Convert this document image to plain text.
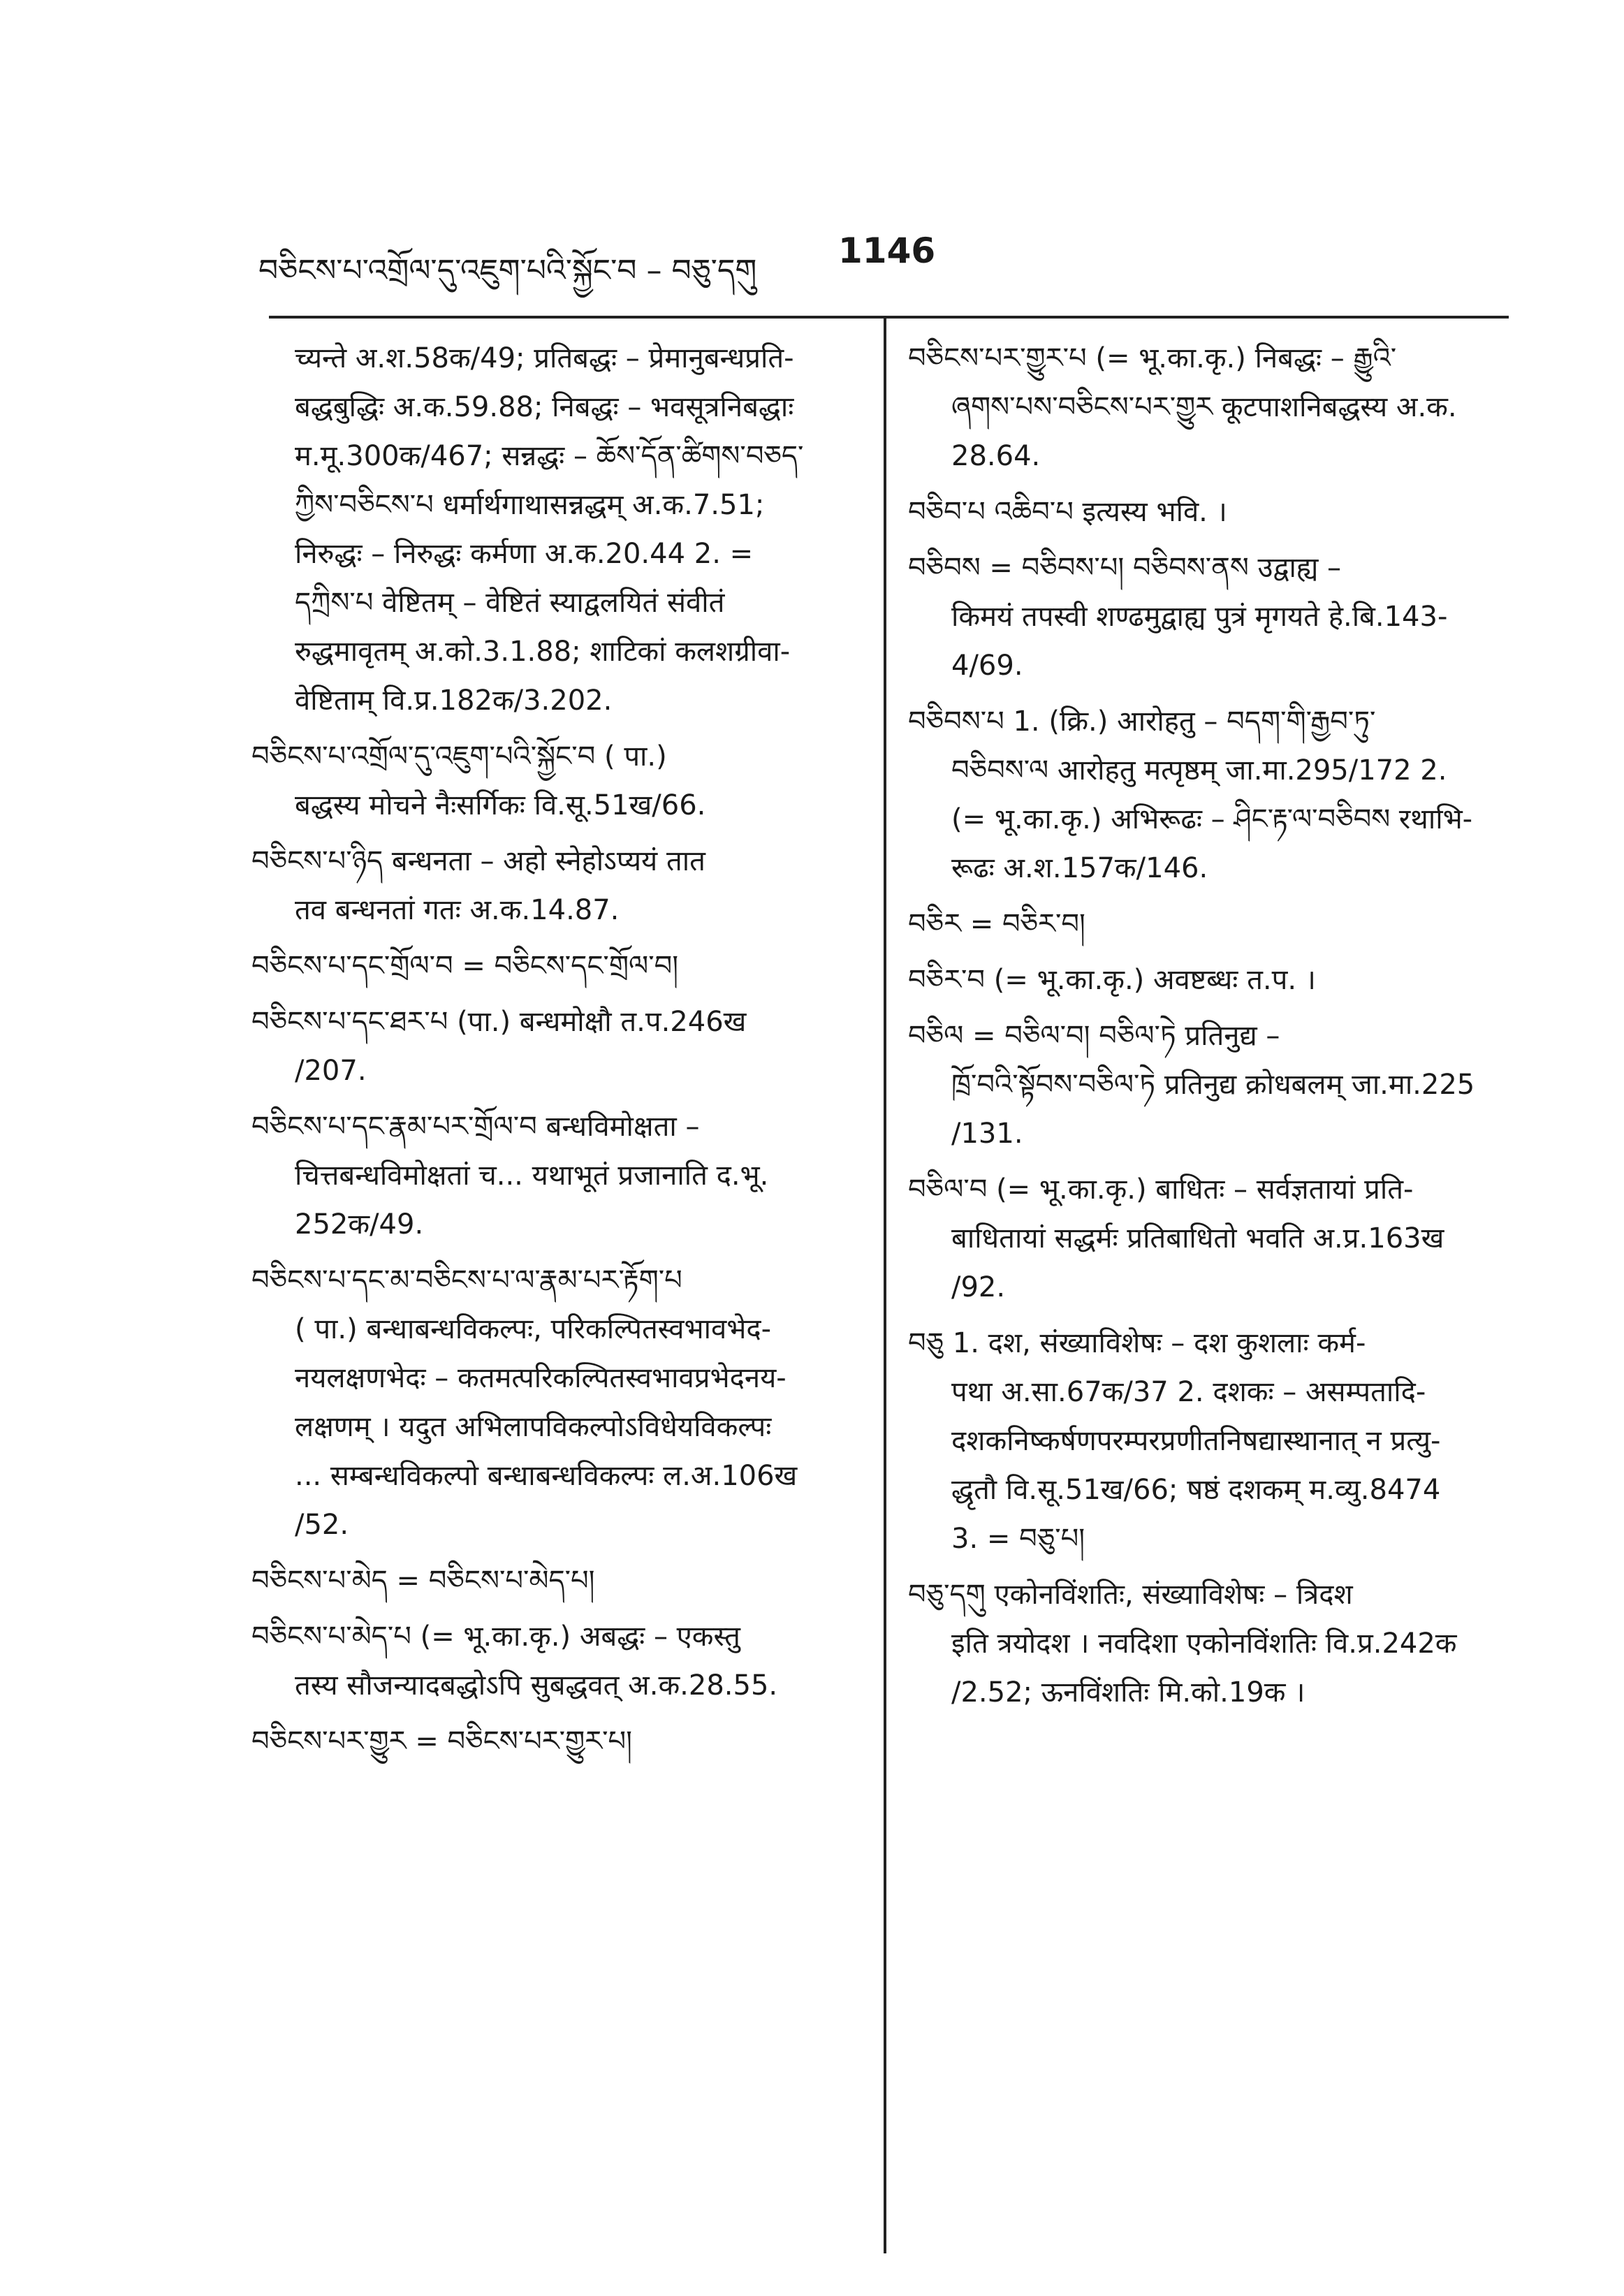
བཅིངས་པ་འགྲོལ་དུ་འཇུག་པའི་སྐྱོང་བ – བཅུ་དགུ 1146
च्यन्ते अ.श.58क/49; प्रतिबद्धः – प्रेमानुबन्धप्रति-
बद्धबुद्धिः अ.क.59.88; निबद्धः – भवसूत्रनिबद्धाः
म.मू.300क/467; सन्नद्धः – ཆོས་དོན་ཚིགས་བཅད་
ཀྱིས་བཅིངས་པ धर्मार्थगाथासन्नद्धम् अ.क.7.51;
निरुद्धः – निरुद्धः कर्मणा अ.क.20.44 2. =
དཀྲིས་པ वेष्टितम् – वेष्टितं स्याद्वलयितं संवीतं
रुद्धमावृतम् अ.को.3.1.88; शाटिकां कलशग्रीवा-
वेष्टिताम् वि.प्र.182क/3.202.
བཅིངས་པ་འགྲོལ་དུ་འཇུག་པའི་སྐྱོང་བ ( पा.)
बद्धस्य मोचने नैःसर्गिकः वि.सू.51ख/66.
བཅིངས་པ་ཉིད बन्धनता – अहो स्नेहोऽप्ययं तात
तव बन्धनतां गतः अ.क.14.87.
བཅིངས་པ་དང་གྲོལ་བ = བཅིངས་དང་གྲོལ་བ།
བཅིངས་པ་དང་ཐར་པ (पा.) बन्धमोक्षौ त.प.246ख
/207.
བཅིངས་པ་དང་རྣམ་པར་གྲོལ་བ बन्धविमोक्षता –
चित्तबन्धविमोक्षतां च... यथाभूतं प्रजानाति द.भू.
252क/49.
བཅིངས་པ་དང་མ་བཅིངས་པ་ལ་རྣམ་པར་རྟོག་པ
( पा.) बन्धाबन्धविकल्पः, परिकल्पितस्वभावभेद-
नयलक्षणभेदः – कतमत्परिकल्पितस्वभावप्रभेदनय-
लक्षणम् । यदुत अभिलापविकल्पोऽविधेयविकल्पः
... सम्बन्धविकल्पो बन्धाबन्धविकल्पः ल.अ.106ख
/52.
བཅིངས་པ་མེད = བཅིངས་པ་མེད་པ།
བཅིངས་པ་མེད་པ (= भू.का.कृ.) अबद्धः – एकस्तु
तस्य सौजन्यादबद्धोऽपि सुबद्धवत् अ.क.28.55.
བཅིངས་པར་གྱུར = བཅིངས་པར་གྱུར་པ།
བཅིངས་པར་གྱུར་པ (= भू.का.कृ.) निबद्धः – རྒྱུའི་
ཞགས་པས་བཅིངས་པར་གྱུར कूटपाशनिबद्धस्य अ.क.
28.64.
བཅིབ་པ འཆིབ་པ इत्यस्य भवि. ।
བཅིབས = བཅིབས་པ། བཅིབས་ནས उद्वाह्य –
किमयं तपस्वी शण्ढमुद्वाह्य पुत्रं मृगयते हे.बि.143-
4/69.
བཅིབས་པ 1. (क्रि.) आरोहतु – བདག་གི་རྒྱབ་ཏུ་
བཅིབས་ལ आरोहतु मत्पृष्ठम् जा.मा.295/172 2.
(= भू.का.कृ.) अभिरूढः – ཤིང་རྟ་ལ་བཅིབས रथाभि-
रूढः अ.श.157क/146.
བཅིར = བཅིར་བ།
བཅིར་བ (= भू.का.कृ.) अवष्टब्धः त.प. ।
བཅིལ = བཅིལ་བ། བཅིལ་ཏེ प्रतिनुद्य –
ཁྲོ་བའི་སྟོབས་བཅིལ་ཏེ प्रतिनुद्य क्रोधबलम् जा.मा.225
/131.
བཅིལ་བ (= भू.का.कृ.) बाधितः – सर्वज्ञतायां प्रति-
बाधितायां सद्धर्मः प्रतिबाधितो भवति अ.प्र.163ख
/92.
བཅུ 1. दश, संख्याविशेषः – दश कुशलाः कर्म-
पथा अ.सा.67क/37 2. दशकः – असम्पतादि-
दशकनिष्कर्षणपरम्परप्रणीतनिषद्यास्थानात् न प्रत्यु-
द्धृतौ वि.सू.51ख/66; षष्ठं दशकम् म.व्यु.8474
3. = བཅུ་པ།
བཅུ་དགུ एकोनविंशतिः, संख्याविशेषः – त्रिदश
इति त्रयोदश । नवदिशा एकोनविंशतिः वि.प्र.242क
/2.52; ऊनविंशतिः मि.को.19क ।
